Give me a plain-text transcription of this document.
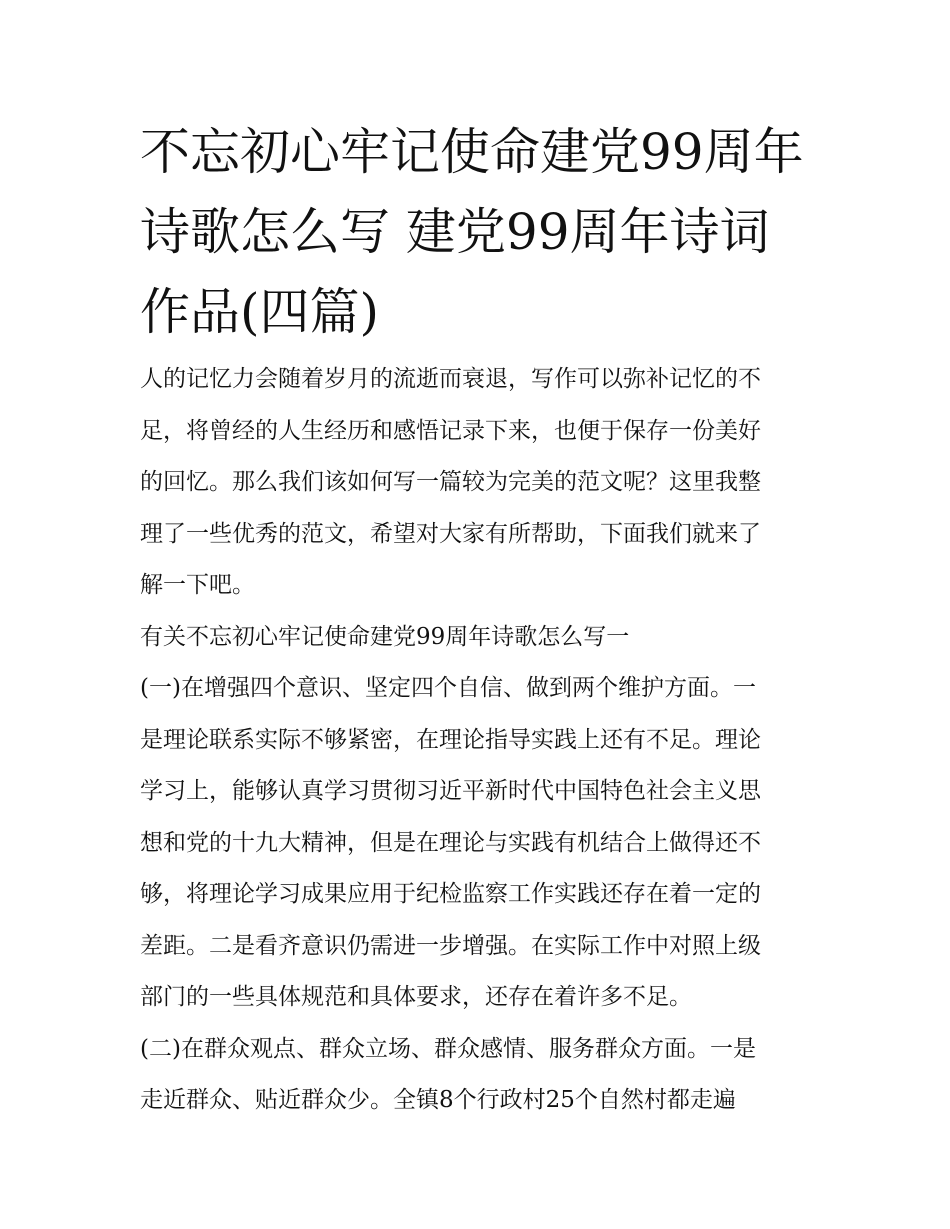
不忘初心牢记使命建党99周年
诗歌怎么写 建党99周年诗词
作品(四篇)
人的记忆力会随着岁月的流逝而衰退，写作可以弥补记忆的不
足，将曾经的人生经历和感悟记录下来，也便于保存一份美好
的回忆。那么我们该如何写一篇较为完美的范文呢？这里我整
理了一些优秀的范文，希望对大家有所帮助，下面我们就来了
解一下吧。
有关不忘初心牢记使命建党99周年诗歌怎么写一
(一)在增强四个意识、坚定四个自信、做到两个维护方面。一
是理论联系实际不够紧密，在理论指导实践上还有不足。理论
学习上，能够认真学习贯彻习近平新时代中国特色社会主义思
想和党的十九大精神，但是在理论与实践有机结合上做得还不
够，将理论学习成果应用于纪检监察工作实践还存在着一定的
差距。二是看齐意识仍需进一步增强。在实际工作中对照上级
部门的一些具体规范和具体要求，还存在着许多不足。
(二)在群众观点、群众立场、群众感情、服务群众方面。一是
走近群众、贴近群众少。全镇8个行政村25个自然村都走遍
